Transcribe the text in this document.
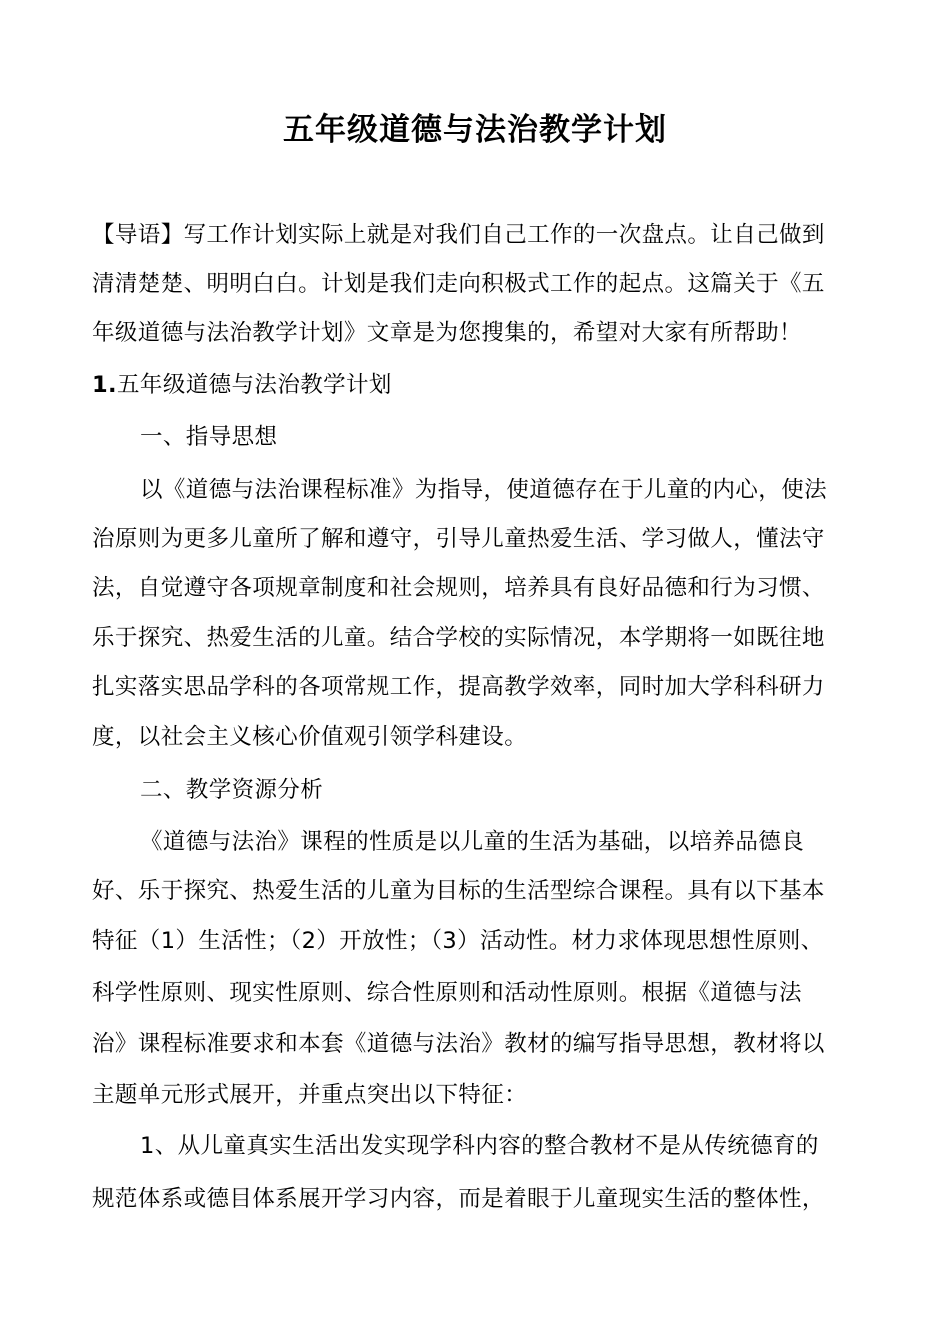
五年级道德与法治教学计划
【导语】写工作计划实际上就是对我们自己工作的一次盘点。让自己做到
清清楚楚、明明白白。计划是我们走向积极式工作的起点。这篇关于《五
年级道德与法治教学计划》文章是为您搜集的，希望对大家有所帮助！
1.五年级道德与法治教学计划
一、指导思想
以《道德与法治课程标准》为指导，使道德存在于儿童的内心，使法
治原则为更多儿童所了解和遵守，引导儿童热爱生活、学习做人，懂法守
法，自觉遵守各项规章制度和社会规则，培养具有良好品德和行为习惯、
乐于探究、热爱生活的儿童。结合学校的实际情况，本学期将一如既往地
扎实落实思品学科的各项常规工作，提高教学效率，同时加大学科科研力
度，以社会主义核心价值观引领学科建设。
二、教学资源分析
《道德与法治》课程的性质是以儿童的生活为基础，以培养品德良
好、乐于探究、热爱生活的儿童为目标的生活型综合课程。具有以下基本
特征（1）生活性；（2）开放性；（3）活动性。材力求体现思想性原则、
科学性原则、现实性原则、综合性原则和活动性原则。根据《道德与法
治》课程标准要求和本套《道德与法治》教材的编写指导思想，教材将以
主题单元形式展开，并重点突出以下特征：
1、从儿童真实生活出发实现学科内容的整合教材不是从传统德育的
规范体系或德目体系展开学习内容，而是着眼于儿童现实生活的整体性，
